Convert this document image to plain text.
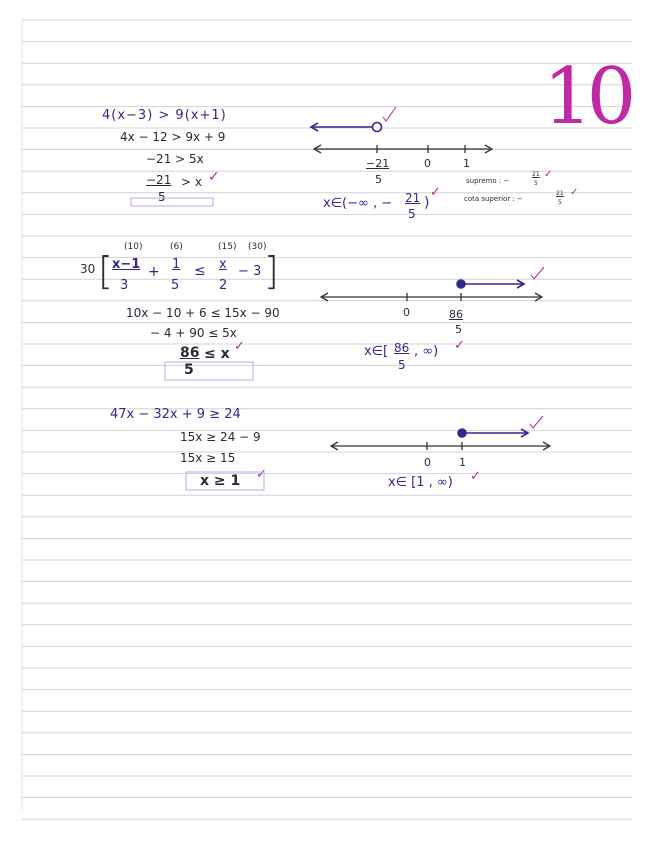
10
4(x−3) > 9(x+1)
4x − 12 > 9x + 9
−21 > 5x
−21
5
> x ✓
−21
5
0	1
x∈(−∞ , − 21
5
)
✓
supremo : −
21
5
✓
cota superior : −
21
5
✓
(10)	(6)	(15) (30)
30 [ x−1
3
+ 1
5
≤ x
2
− 3 ]
10x − 10 + 6 ≤ 15x − 90
− 4 + 90 ≤ 5x
86
5
≤ x ✓
0	86
5
x∈[ 86
5
, ∞) ✓
47x − 32x + 9 ≥ 24
15x ≥ 24 − 9
15x ≥ 15
x ≥ 1 ✓
0	1
x∈ [1 , ∞) ✓
